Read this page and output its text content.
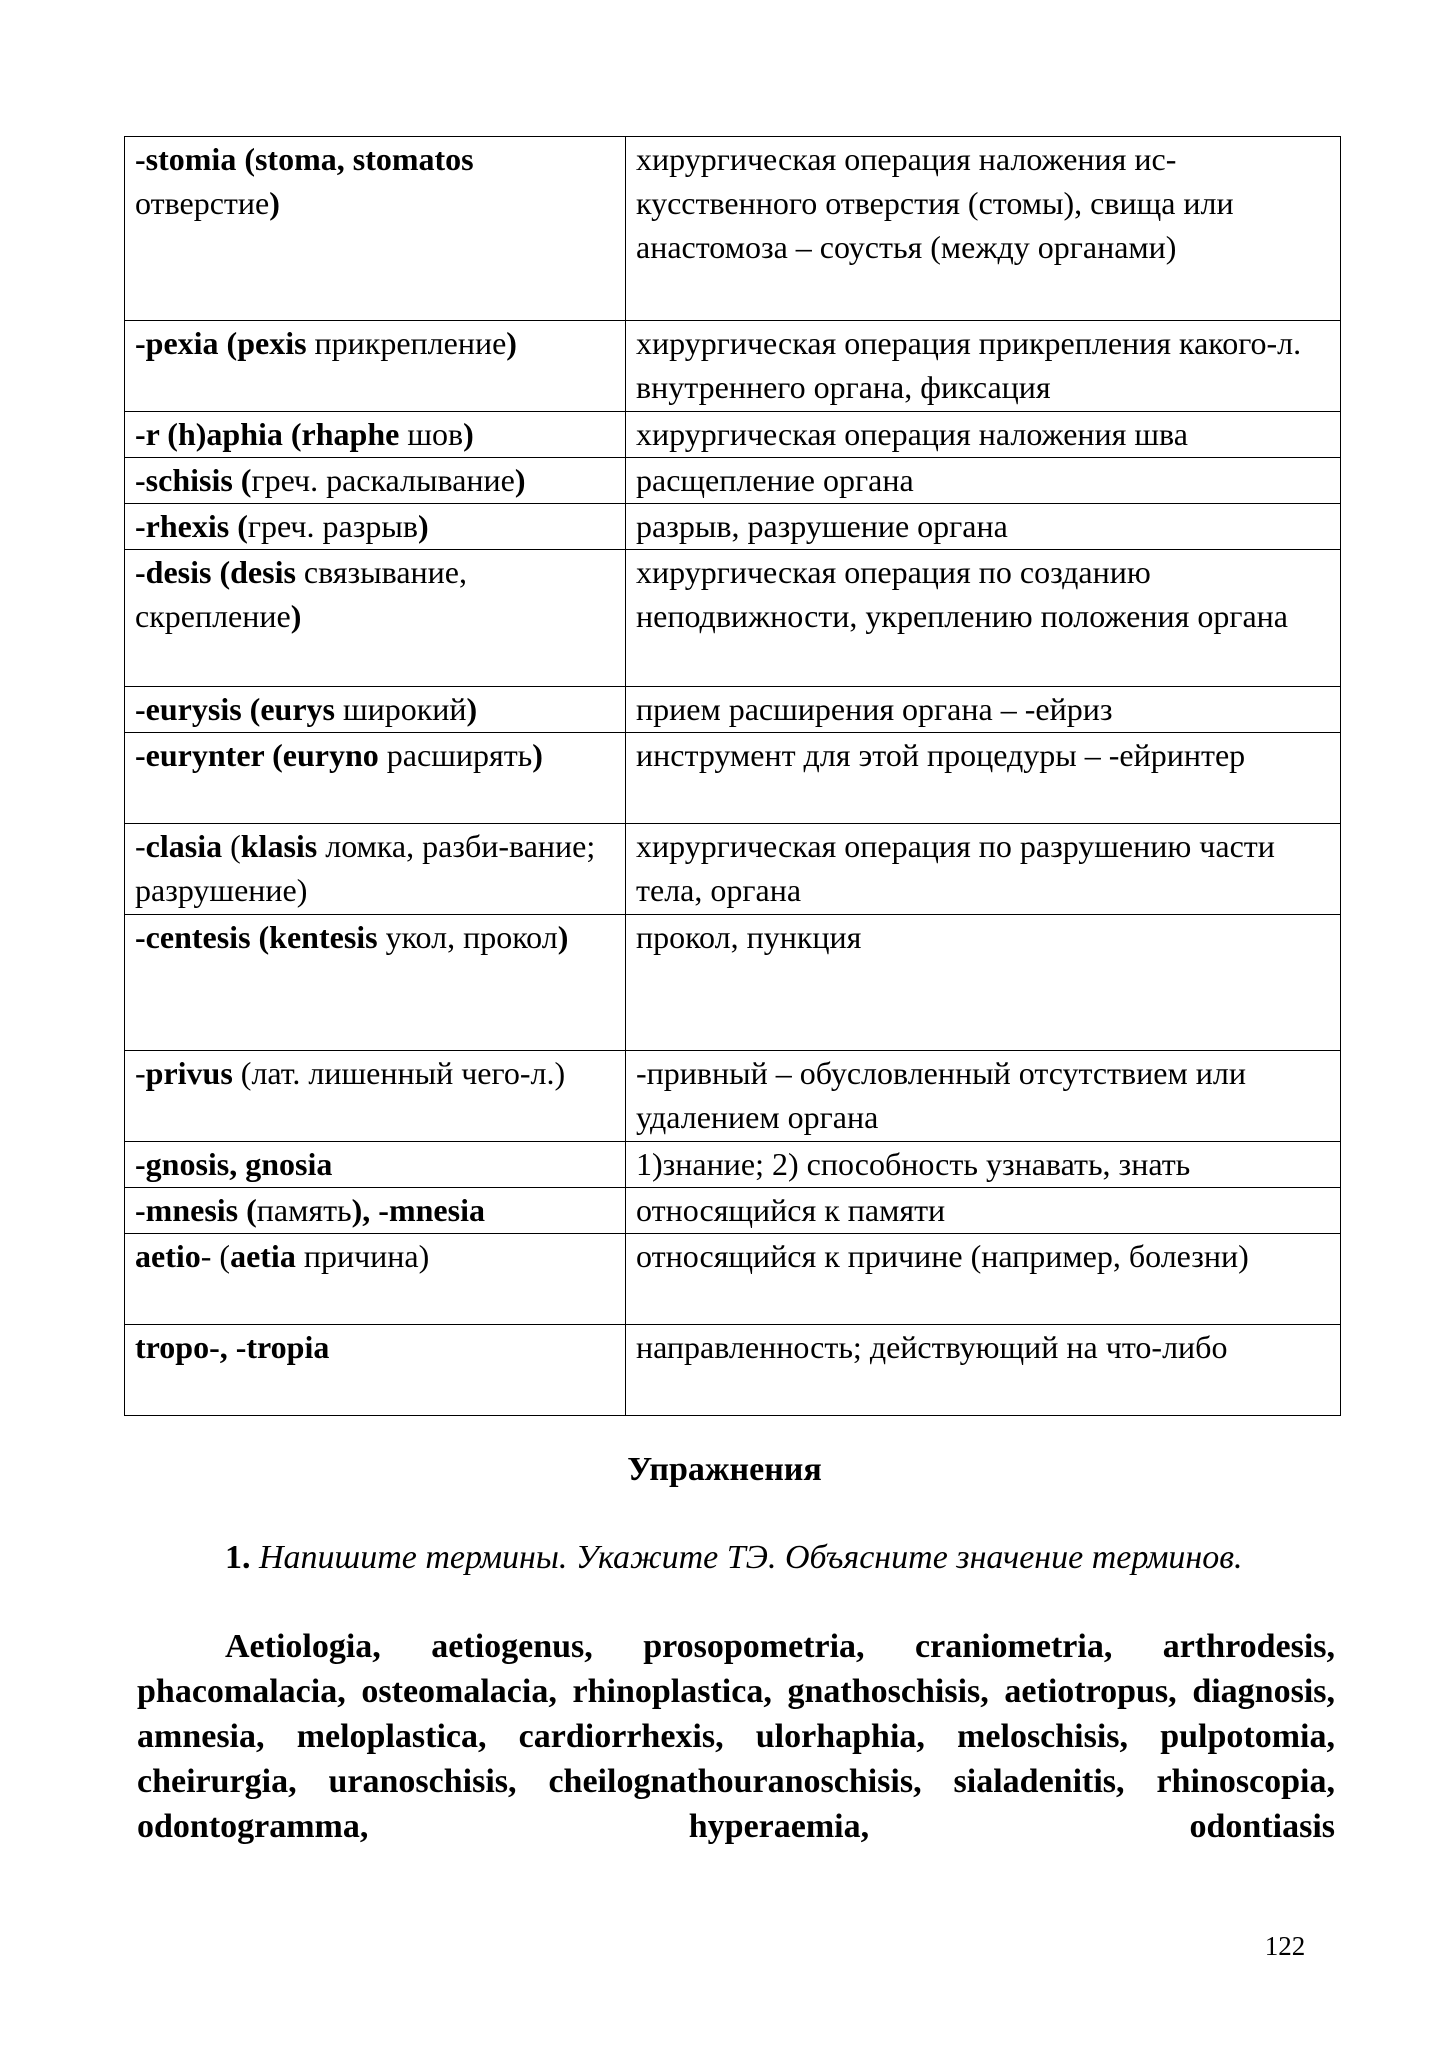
-stomia (stoma, stomatos отверстие)	хирургическая операция наложения ис-кусственного отверстия (стомы), свища или анастомоза – соустья (между органами)
-pexia (pexis прикрепление)	хирургическая операция прикрепления какого-л. внутреннего органа, фиксация
-r (h)aphia (rhaphe шов)	хирургическая операция наложения шва
-schisis (греч. раскалывание)	расщепление органа
-rhexis (греч. разрыв)	разрыв, разрушение органа
-desis (desis связывание, скрепление)	хирургическая операция по созданию неподвижности, укреплению положения органа
-eurysis (eurys широкий)	прием расширения органа – -ейриз
-eurynter (euryno расширять)	инструмент для этой процедуры – -ейринтер
-clasia (klasis ломка, разби-вание; разрушение)	хирургическая операция по разрушению части тела, органа
-centesis (kentesis укол, прокол)	прокол, пункция
-privus (лат. лишенный чего-л.)	-привный – обусловленный отсутствием или удалением органа
-gnosis, gnosia	1)знание; 2) способность узнавать, знать
-mnesis (память), -mnesia	относящийся к памяти
aetio- (aetia причина)	относящийся к причине (например, болезни)
tropo-, -tropia	направленность; действующий на что-либо
Упражнения

1. Напишите термины. Укажите ТЭ. Объясните значение терминов.

Aetiologia, aetiogenus, prosopometria, craniometria, arthrodesis, phacomalacia, osteomalacia, rhinoplastica, gnathoschisis, aetiotropus, diagnosis, amnesia, meloplastica, cardiorrhexis, ulorhaphia, meloschisis, pulpotomia, cheirurgia, uranoschisis, cheilognathouranoschisis, sialadenitis, rhinoscopia, odontogramma, hyperaemia, odontiasis

122
